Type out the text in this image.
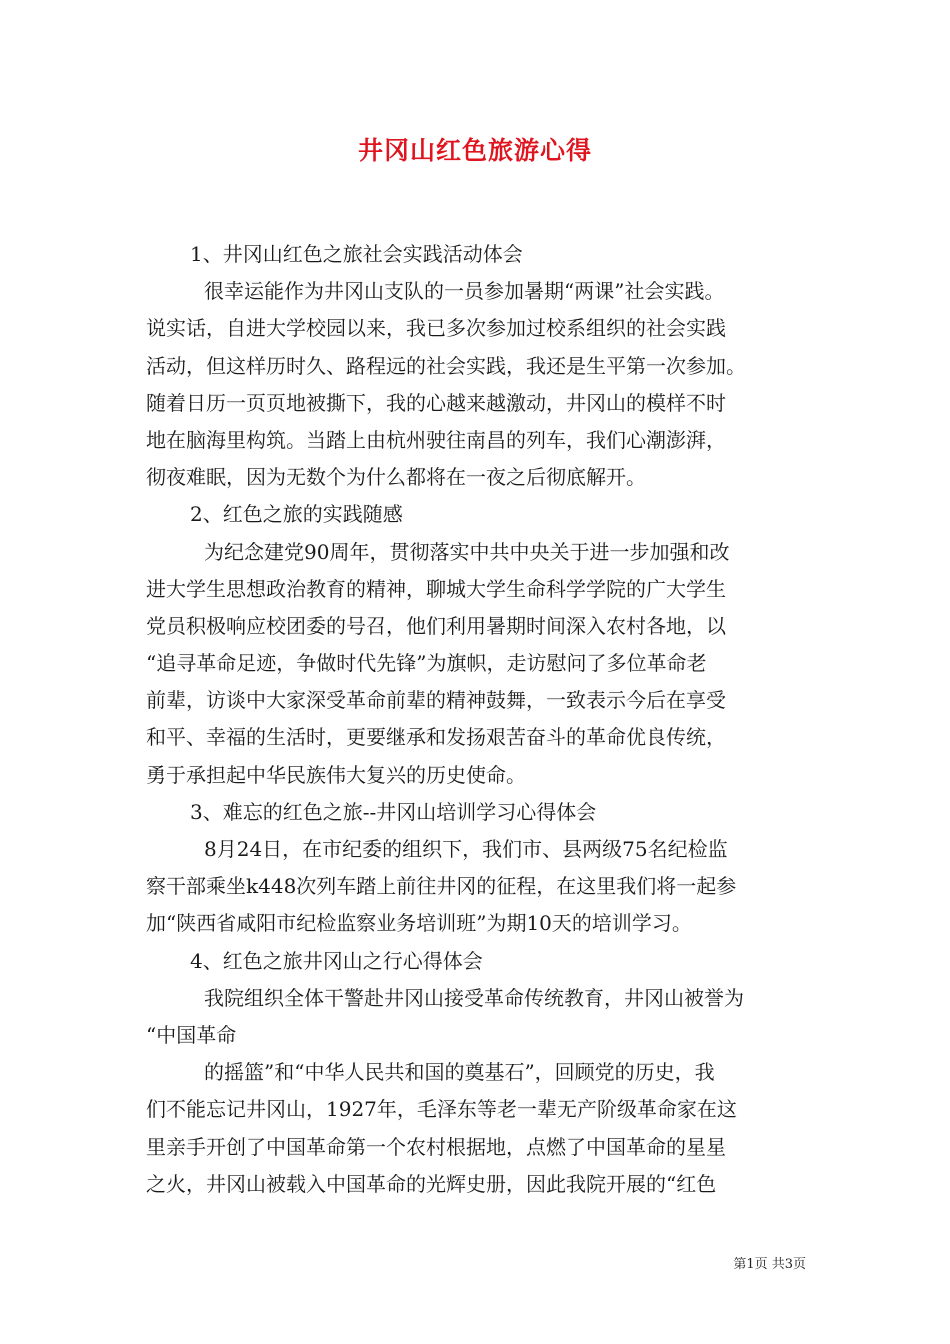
井冈山红色旅游心得
1、井冈山红色之旅社会实践活动体会
很幸运能作为井冈山支队的一员参加暑期“两课”社会实践。
说实话，自进大学校园以来，我已多次参加过校系组织的社会实践
活动，但这样历时久、路程远的社会实践，我还是生平第一次参加。
随着日历一页页地被撕下，我的心越来越激动，井冈山的模样不时
地在脑海里构筑。当踏上由杭州驶往南昌的列车，我们心潮澎湃，
彻夜难眠，因为无数个为什么都将在一夜之后彻底解开。
2、红色之旅的实践随感
为纪念建党90周年，贯彻落实中共中央关于进一步加强和改
进大学生思想政治教育的精神，聊城大学生命科学学院的广大学生
党员积极响应校团委的号召，他们利用暑期时间深入农村各地，以
“追寻革命足迹，争做时代先锋”为旗帜，走访慰问了多位革命老
前辈，访谈中大家深受革命前辈的精神鼓舞，一致表示今后在享受
和平、幸福的生活时，更要继承和发扬艰苦奋斗的革命优良传统，
勇于承担起中华民族伟大复兴的历史使命。
3、难忘的红色之旅--井冈山培训学习心得体会
8月24日，在市纪委的组织下，我们市、县两级75名纪检监
察干部乘坐k448次列车踏上前往井冈的征程，在这里我们将一起参
加“陕西省咸阳市纪检监察业务培训班”为期10天的培训学习。
4、红色之旅井冈山之行心得体会
我院组织全体干警赴井冈山接受革命传统教育，井冈山被誉为
“中国革命
的摇篮”和“中华人民共和国的奠基石”，回顾党的历史，我
们不能忘记井冈山，1927年，毛泽东等老一辈无产阶级革命家在这
里亲手开创了中国革命第一个农村根据地，点燃了中国革命的星星
之火，井冈山被载入中国革命的光辉史册，因此我院开展的“红色
第1页 共3页
